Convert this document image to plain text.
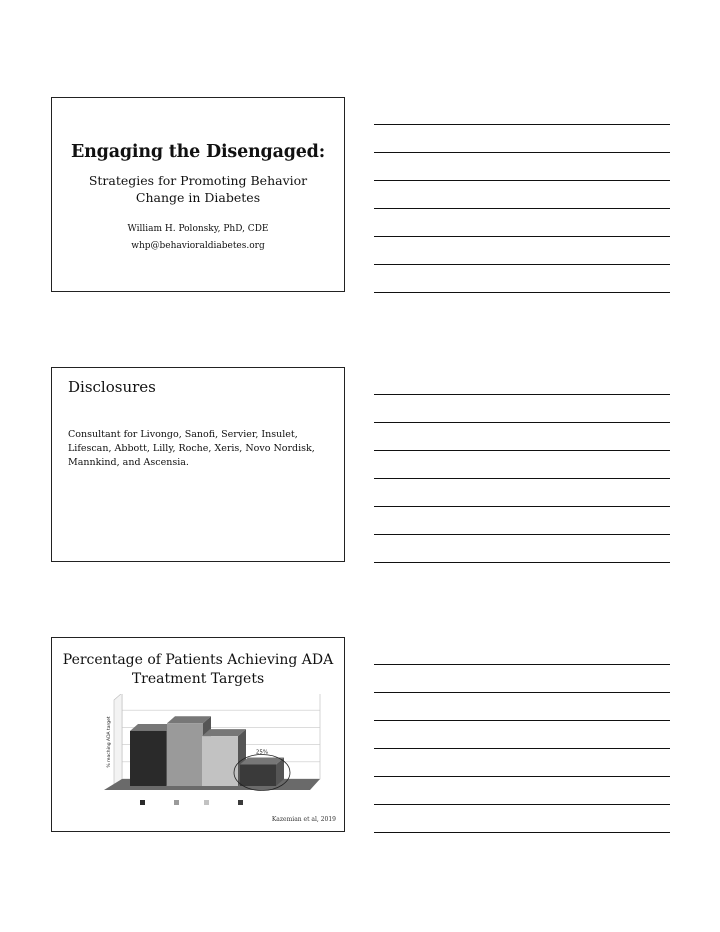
Engaging the Disengaged:
Strategies for Promoting Behavior Change in Diabetes
William H. Polonsky, PhD, CDE
whp@behavioraldiabetes.org
Disclosures
Consultant for Livongo, Sanofi, Servier, Insulet, Lifescan, Abbott, Lilly, Roche, Xeris, Novo Nordisk, Mannkind, and Ascensia.
Percentage of Patients Achieving ADA Treatment Targets
25%
% reaching ADA target
Kazemian et al, 2019
